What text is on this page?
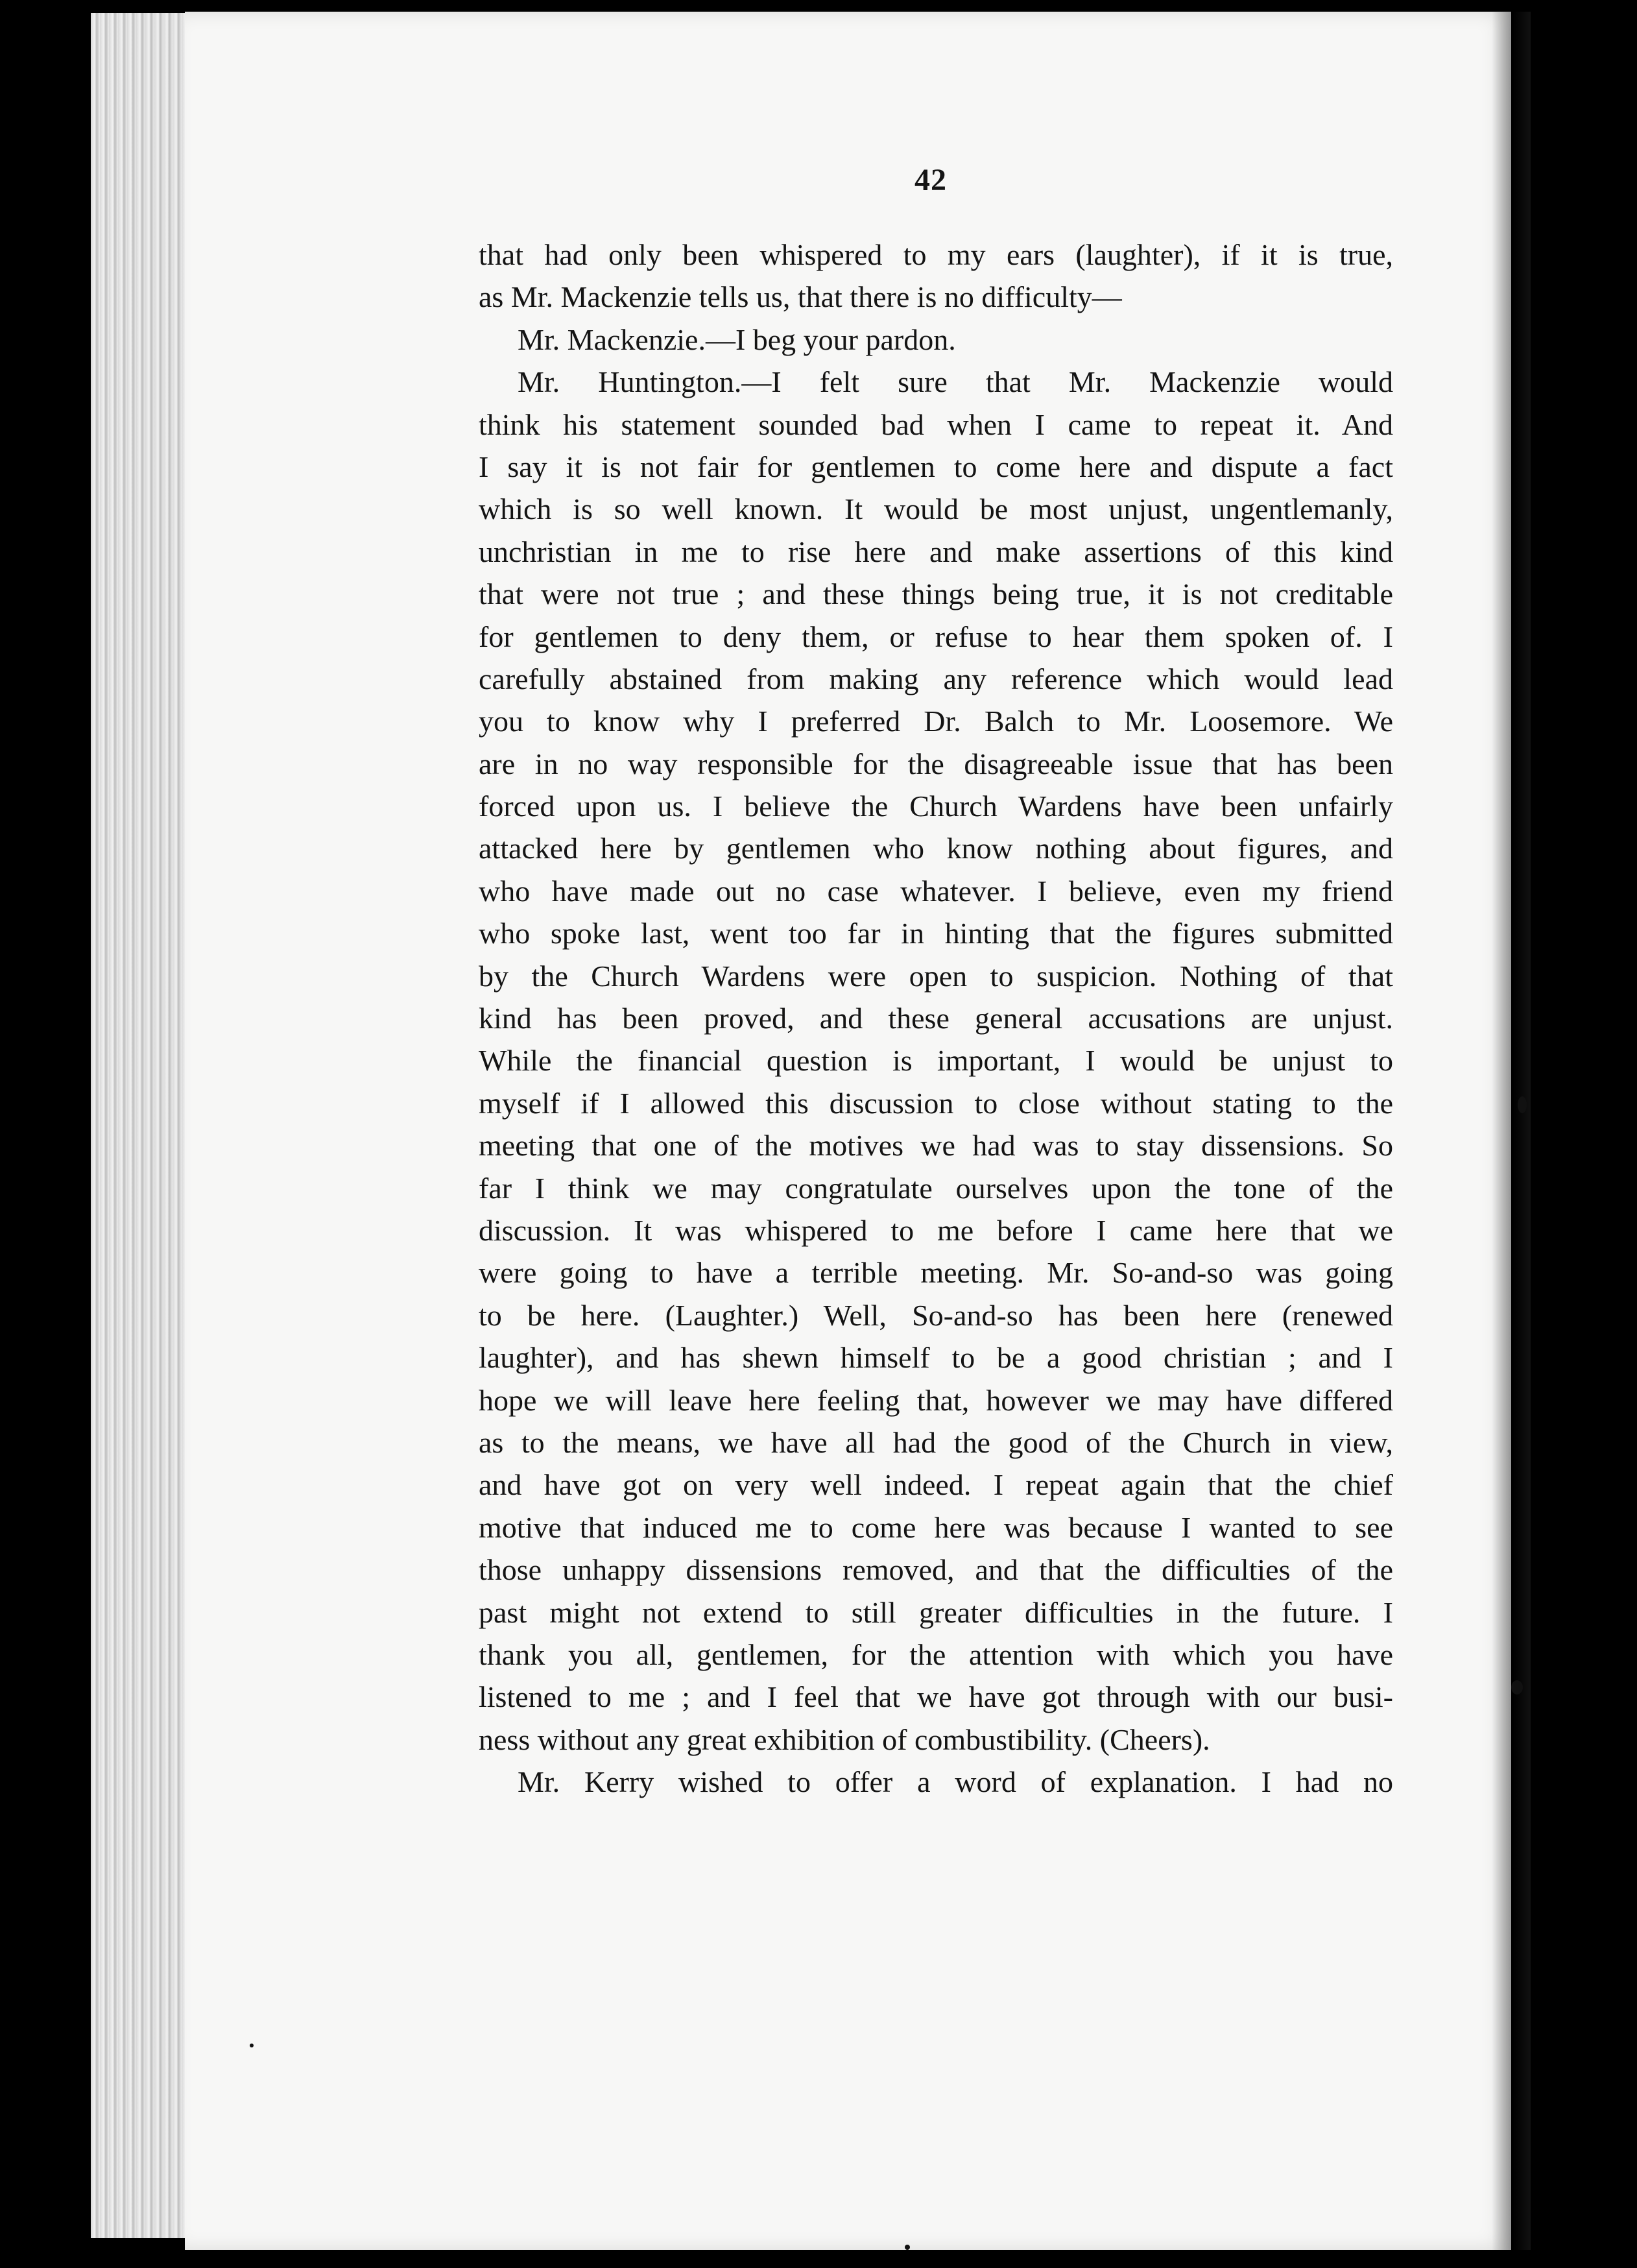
42
that had only been whispered to my ears (laughter), if it is true,
as Mr. Mackenzie tells us, that there is no difficulty—
Mr. Mackenzie.—I beg your pardon.
Mr. Huntington.—I felt sure that Mr. Mackenzie would
think his statement sounded bad when I came to repeat it. And
I say it is not fair for gentlemen to come here and dispute a fact
which is so well known. It would be most unjust, ungentlemanly,
unchristian in me to rise here and make assertions of this kind
that were not true ; and these things being true, it is not creditable
for gentlemen to deny them, or refuse to hear them spoken of. I
carefully abstained from making any reference which would lead
you to know why I preferred Dr. Balch to Mr. Loosemore. We
are in no way responsible for the disagreeable issue that has been
forced upon us. I believe the Church Wardens have been unfairly
attacked here by gentlemen who know nothing about figures, and
who have made out no case whatever. I believe, even my friend
who spoke last, went too far in hinting that the figures submitted
by the Church Wardens were open to suspicion. Nothing of that
kind has been proved, and these general accusations are unjust.
While the financial question is important, I would be unjust to
myself if I allowed this discussion to close without stating to the
meeting that one of the motives we had was to stay dissensions. So
far I think we may congratulate ourselves upon the tone of the
discussion. It was whispered to me before I came here that we
were going to have a terrible meeting. Mr. So-and-so was going
to be here. (Laughter.) Well, So-and-so has been here (renewed
laughter), and has shewn himself to be a good christian ; and I
hope we will leave here feeling that, however we may have differed
as to the means, we have all had the good of the Church in view,
and have got on very well indeed. I repeat again that the chief
motive that induced me to come here was because I wanted to see
those unhappy dissensions removed, and that the difficulties of the
past might not extend to still greater difficulties in the future. I
thank you all, gentlemen, for the attention with which you have
listened to me ; and I feel that we have got through with our busi-
ness without any great exhibition of combustibility. (Cheers).
Mr. Kerry wished to offer a word of explanation. I had no
